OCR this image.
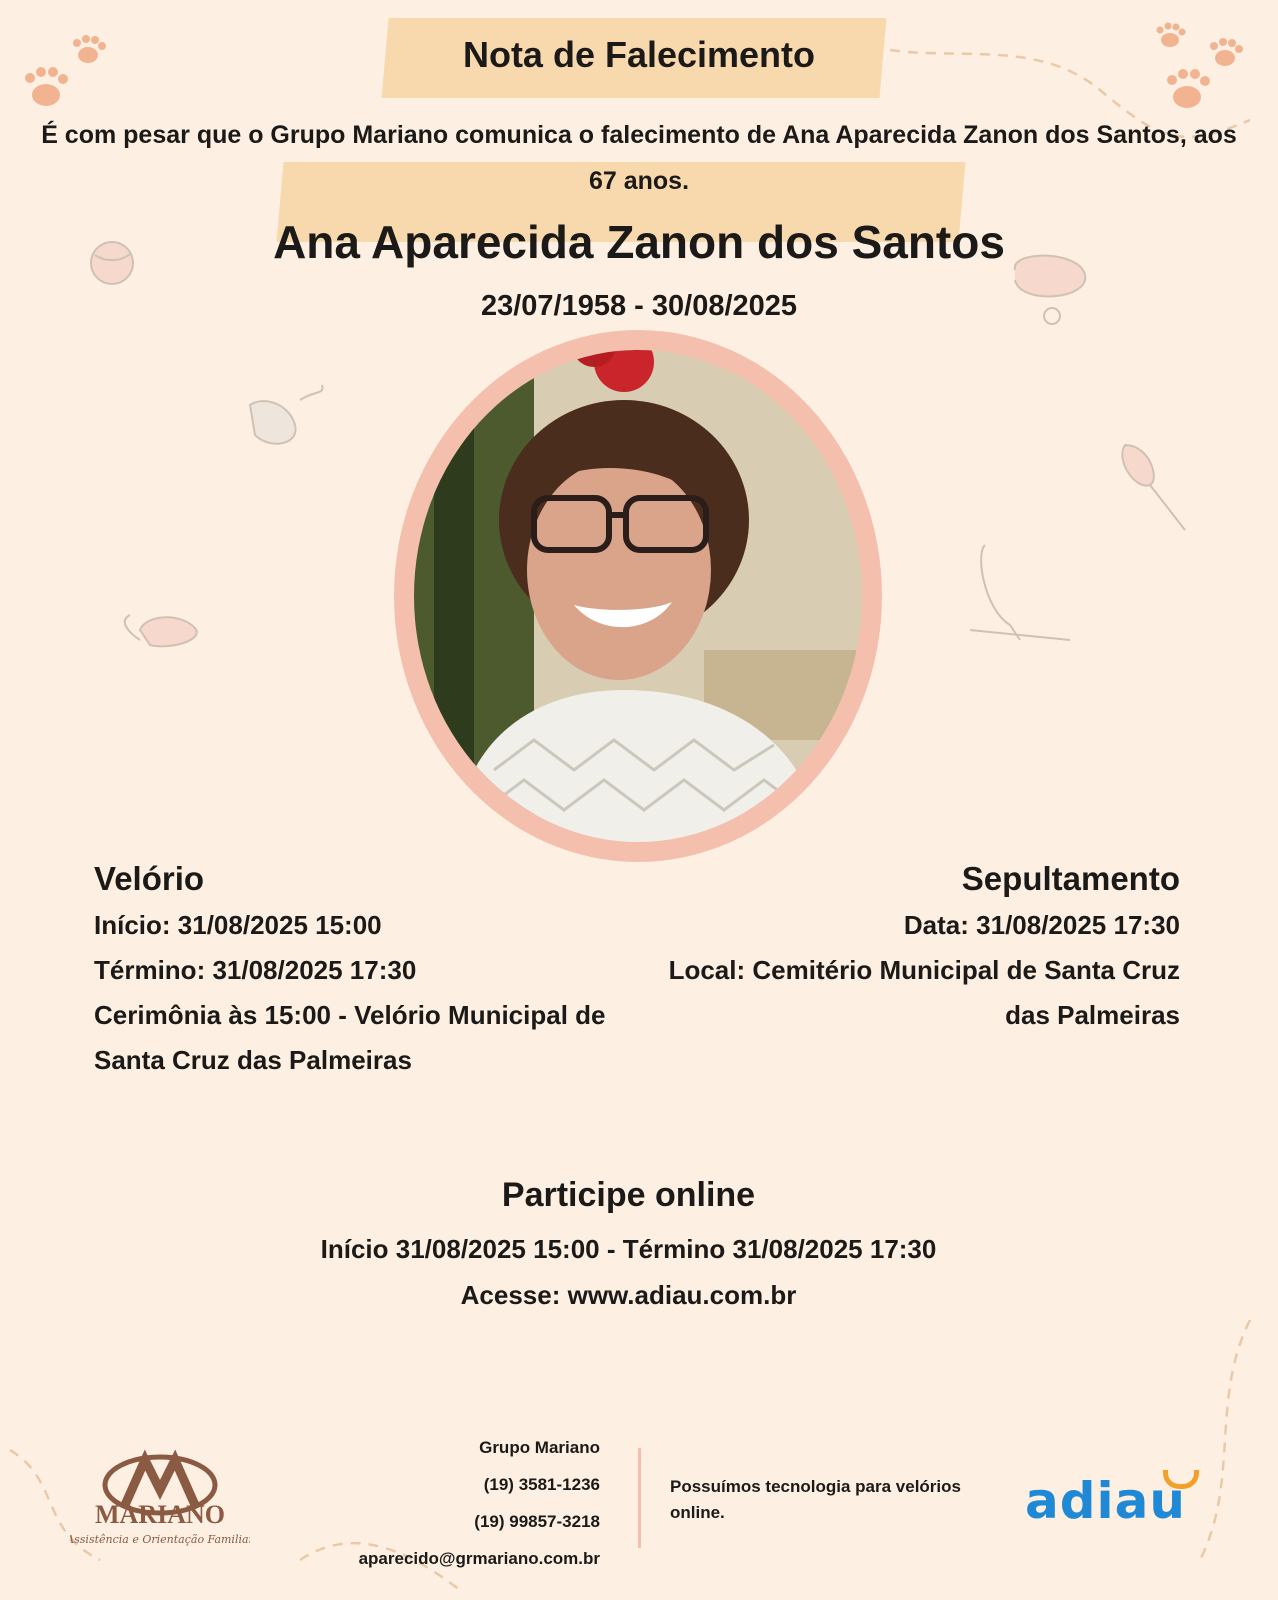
Nota de Falecimento
É com pesar que o Grupo Mariano comunica o falecimento de Ana Aparecida Zanon dos Santos, aos 67 anos.
Ana Aparecida Zanon dos Santos
23/07/1958 - 30/08/2025
Velório
Início: 31/08/2025 15:00
Término: 31/08/2025 17:30
Cerimônia às 15:00 - Velório Municipal de
Santa Cruz das Palmeiras
Sepultamento
Data: 31/08/2025 17:30
Local: Cemitério Municipal de Santa Cruz
das Palmeiras
Participe online
Início 31/08/2025 15:00 - Término 31/08/2025 17:30
Acesse: www.adiau.com.br
MARIANO
Assistência e Orientação Familiar
Grupo Mariano
(19) 3581-1236
(19) 99857-3218
aparecido@grmariano.com.br
Possuímos tecnologia para velórios online.	adiau
